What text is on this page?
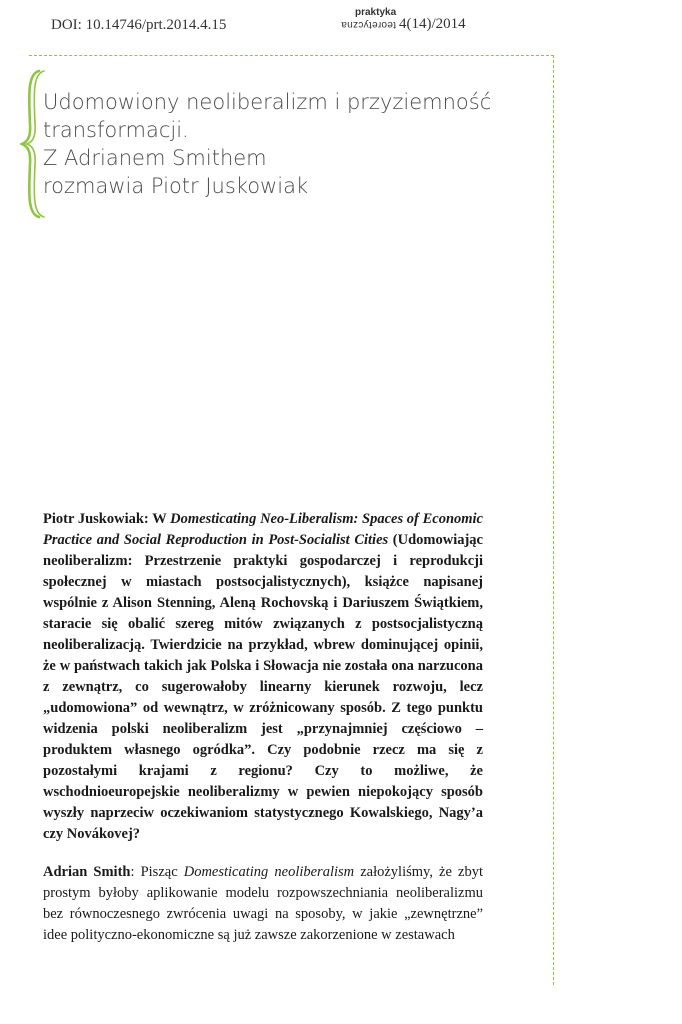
DOI: 10.14746/prt.2014.4.15
praktyka
teoretyczna 4(14)/2014
Udomowiony neoliberalizm i przyziemność
transformacji.
Z Adrianem Smithem
rozmawia Piotr Juskowiak

Piotr Juskowiak: W Domesticating Neo-Liberalism: Spaces of Economic Practice and Social Reproduction in Post-Socialist Cities (Udomowiając neoliberalizm: Przestrzenie praktyki gospodarczej i reprodukcji społecznej w miastach postsocjalistycznych), książce napisanej wspólnie z Alison Stenning, Aleną Rochovską i Dariuszem Świątkiem, staracie się obalić szereg mitów związanych z postsocjalistyczną neoliberalizacją. Twierdzicie na przykład, wbrew dominującej opinii, że w państwach takich jak Polska i Słowacja nie została ona narzucona z zewnątrz, co sugerowałoby linearny kierunek rozwoju, lecz „udomowiona” od wewnątrz, w zróżnicowany sposób. Z tego punktu widzenia polski neoliberalizm jest „przynajmniej częściowo – produktem własnego ogródka”. Czy podobnie rzecz ma się z pozostałymi krajami z regionu? Czy to możliwe, że wschodnioeuropejskie neoliberalizmy w pewien niepokojący sposób wyszły naprzeciw oczekiwaniom statystycznego Kowalskiego, Nagy’a czy Novákovej?

Adrian Smith: Pisząc Domesticating neoliberalism założyliśmy, że zbyt prostym byłoby aplikowanie modelu rozpowszechniania neoliberalizmu bez równoczesnego zwrócenia uwagi na sposoby, w jakie „zewnętrzne” idee polityczno-ekonomiczne są już zawsze zakorzenione w zestawach
